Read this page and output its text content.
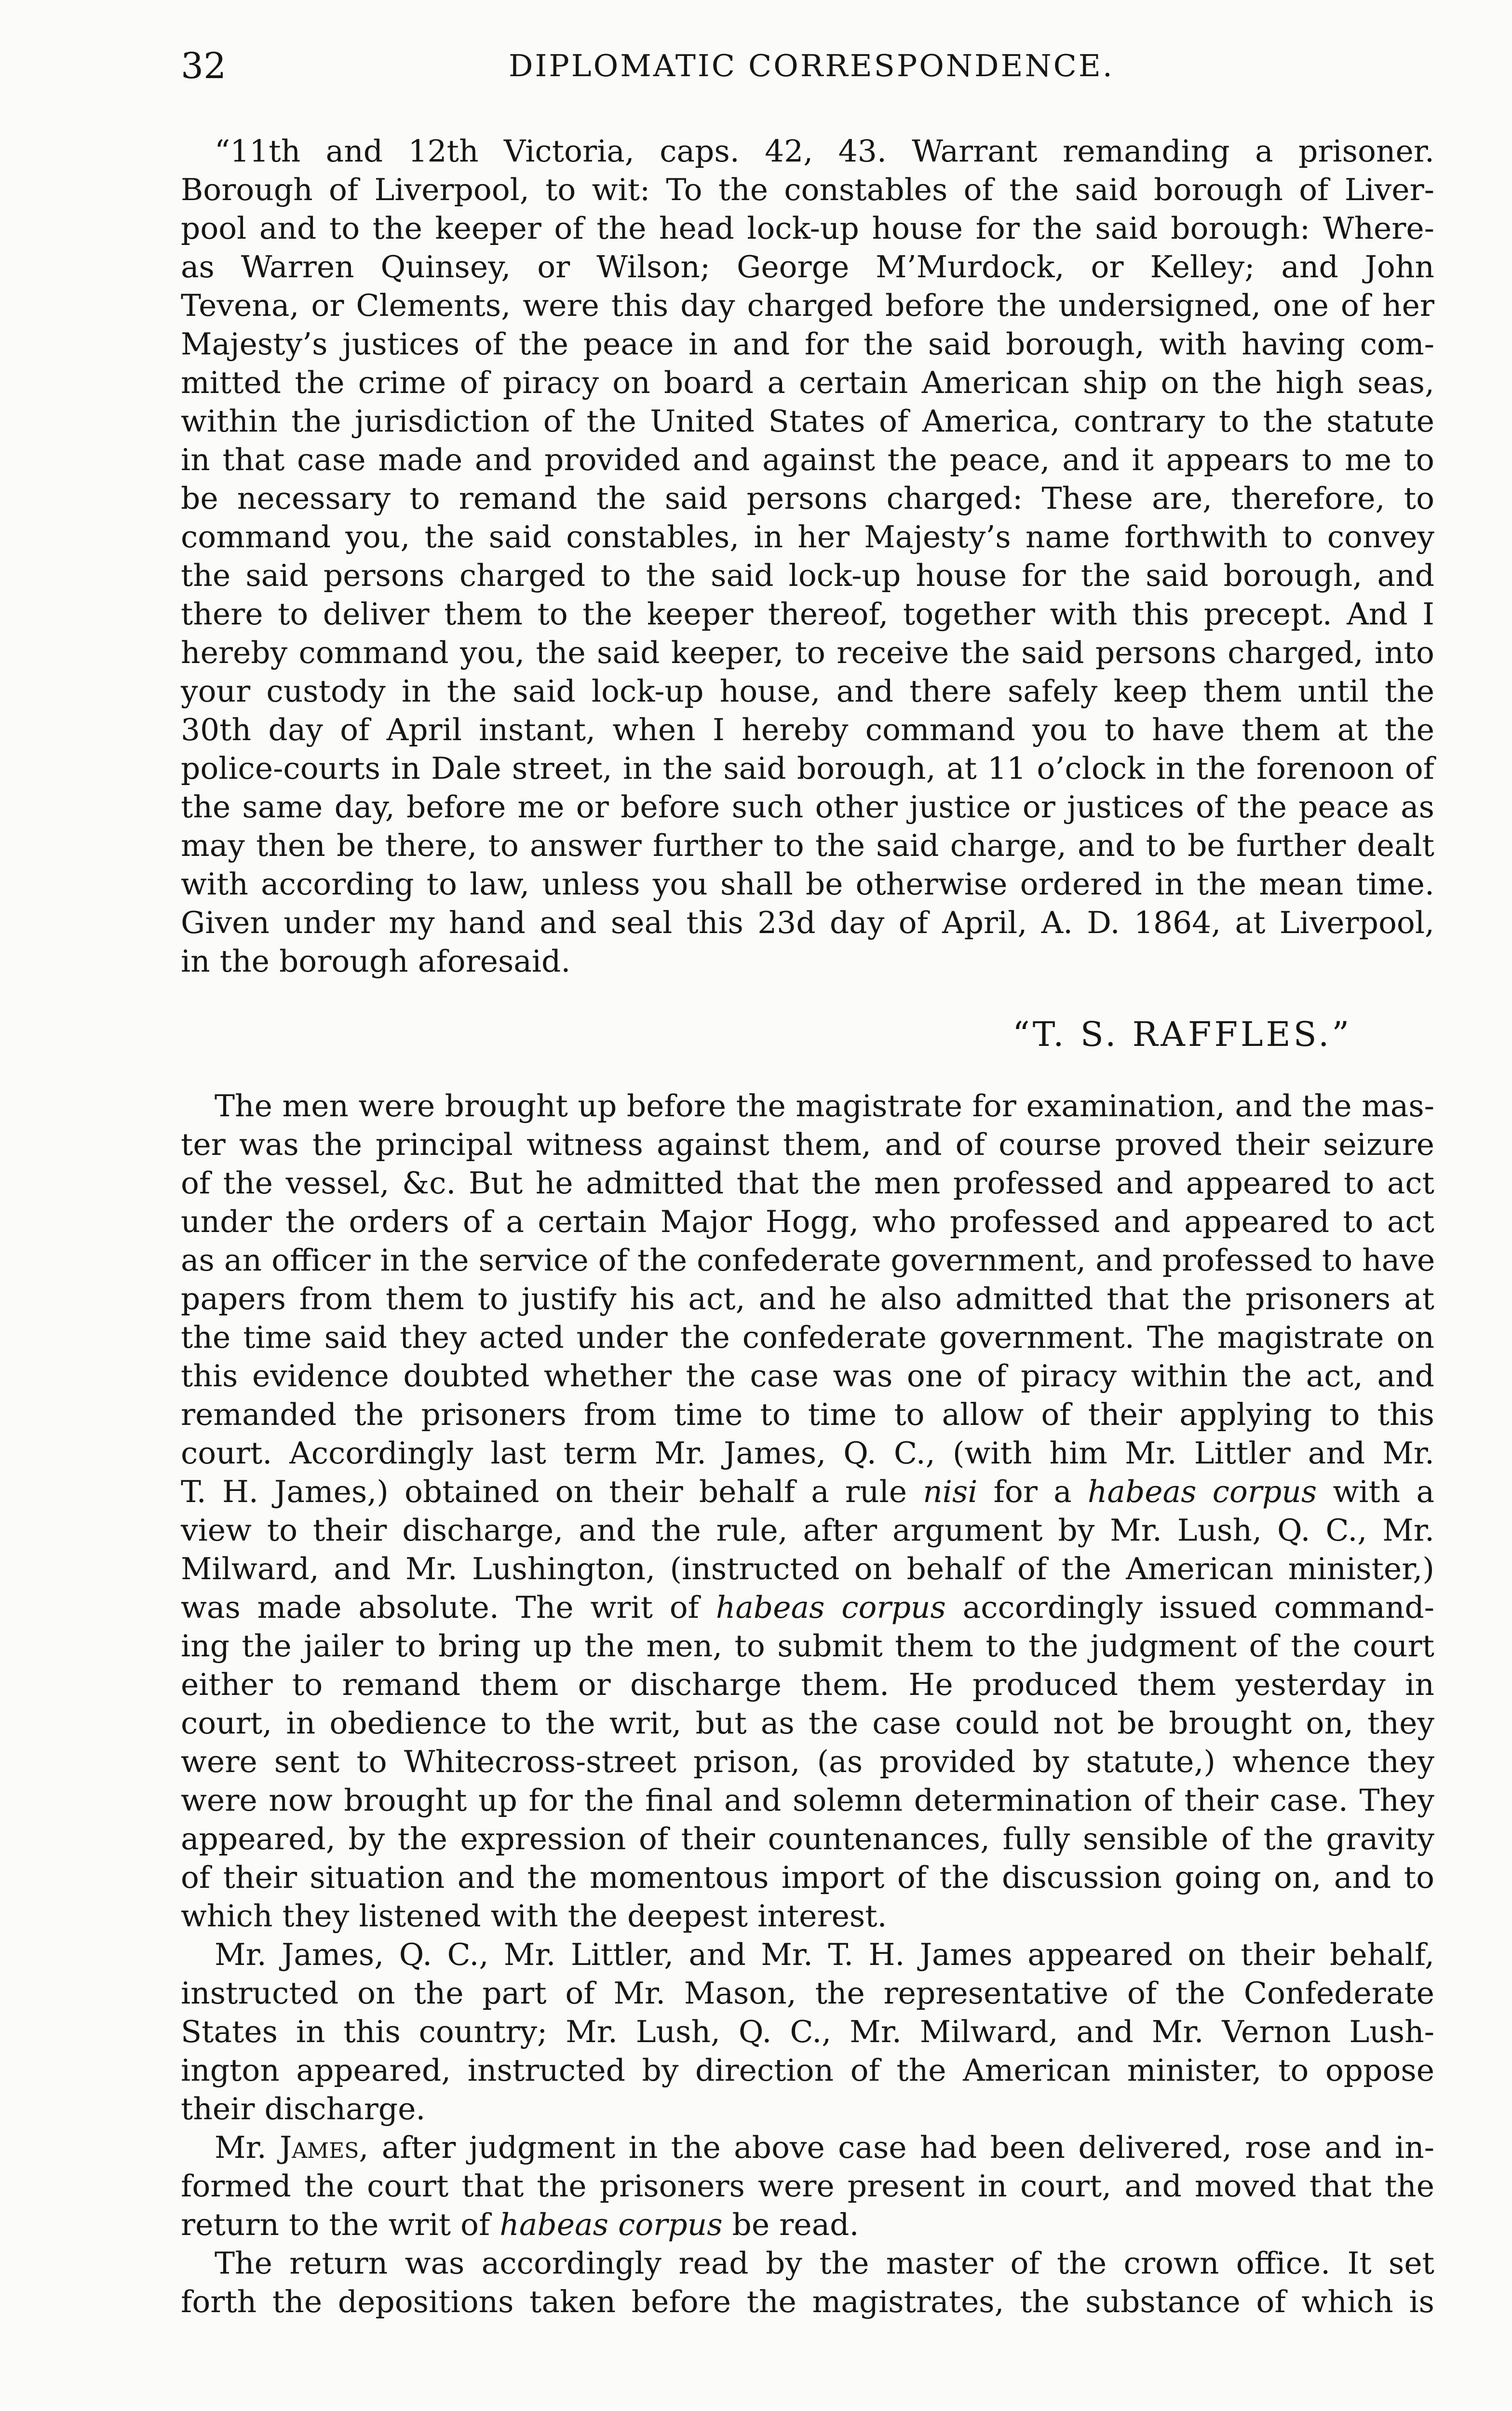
32	DIPLOMATIC CORRESPONDENCE.
“11th and 12th Victoria, caps. 42, 43. Warrant remanding a prisoner.
Borough of Liverpool, to wit: To the constables of the said borough of Liver-
pool and to the keeper of the head lock-up house for the said borough: Where-
as Warren Quinsey, or Wilson; George M’Murdock, or Kelley; and John
Tevena, or Clements, were this day charged before the undersigned, one of her
Majesty’s justices of the peace in and for the said borough, with having com-
mitted the crime of piracy on board a certain American ship on the high seas,
within the jurisdiction of the United States of America, contrary to the statute
in that case made and provided and against the peace, and it appears to me to
be necessary to remand the said persons charged: These are, therefore, to
command you, the said constables, in her Majesty’s name forthwith to convey
the said persons charged to the said lock-up house for the said borough, and
there to deliver them to the keeper thereof, together with this precept. And I
hereby command you, the said keeper, to receive the said persons charged, into
your custody in the said lock-up house, and there safely keep them until the
30th day of April instant, when I hereby command you to have them at the
police-courts in Dale street, in the said borough, at 11 o’clock in the forenoon of
the same day, before me or before such other justice or justices of the peace as
may then be there, to answer further to the said charge, and to be further dealt
with according to law, unless you shall be otherwise ordered in the mean time.
Given under my hand and seal this 23d day of April, A. D. 1864, at Liverpool,
in the borough aforesaid.
“T. S. RAFFLES.”
The men were brought up before the magistrate for examination, and the mas-
ter was the principal witness against them, and of course proved their seizure
of the vessel, &c. But he admitted that the men professed and appeared to act
under the orders of a certain Major Hogg, who professed and appeared to act
as an officer in the service of the confederate government, and professed to have
papers from them to justify his act, and he also admitted that the prisoners at
the time said they acted under the confederate government. The magistrate on
this evidence doubted whether the case was one of piracy within the act, and
remanded the prisoners from time to time to allow of their applying to this
court. Accordingly last term Mr. James, Q. C., (with him Mr. Littler and Mr.
T. H. James,) obtained on their behalf a rule nisi for a habeas corpus with a
view to their discharge, and the rule, after argument by Mr. Lush, Q. C., Mr.
Milward, and Mr. Lushington, (instructed on behalf of the American minister,)
was made absolute. The writ of habeas corpus accordingly issued command-
ing the jailer to bring up the men, to submit them to the judgment of the court
either to remand them or discharge them. He produced them yesterday in
court, in obedience to the writ, but as the case could not be brought on, they
were sent to Whitecross-street prison, (as provided by statute,) whence they
were now brought up for the final and solemn determination of their case. They
appeared, by the expression of their countenances, fully sensible of the gravity
of their situation and the momentous import of the discussion going on, and to
which they listened with the deepest interest.
Mr. James, Q. C., Mr. Littler, and Mr. T. H. James appeared on their behalf,
instructed on the part of Mr. Mason, the representative of the Confederate
States in this country; Mr. Lush, Q. C., Mr. Milward, and Mr. Vernon Lush-
ington appeared, instructed by direction of the American minister, to oppose
their discharge.
Mr. James, after judgment in the above case had been delivered, rose and in-
formed the court that the prisoners were present in court, and moved that the
return to the writ of habeas corpus be read.
The return was accordingly read by the master of the crown office. It set
forth the depositions taken before the magistrates, the substance of which is
